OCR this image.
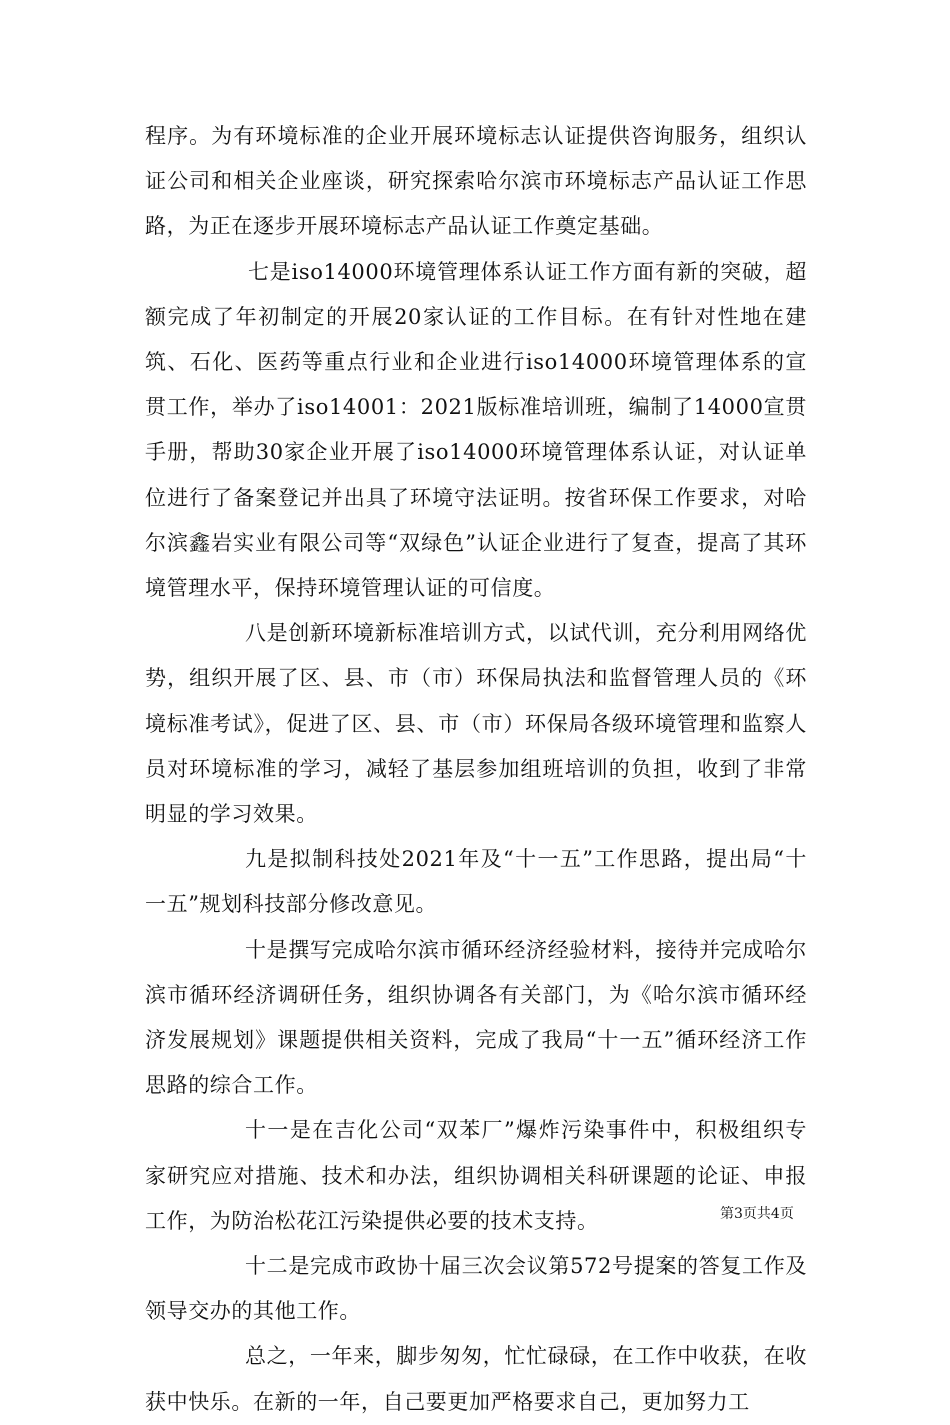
程序。为有环境标准的企业开展环境标志认证提供咨询服务，组织认证公司和相关企业座谈，研究探索哈尔滨市环境标志产品认证工作思路，为正在逐步开展环境标志产品认证工作奠定基础。

七是iso14000环境管理体系认证工作方面有新的突破，超额完成了年初制定的开展20家认证的工作目标。在有针对性地在建筑、石化、医药等重点行业和企业进行iso14000环境管理体系的宣贯工作，举办了iso14001：2021版标准培训班，编制了14000宣贯手册，帮助30家企业开展了iso14000环境管理体系认证，对认证单位进行了备案登记并出具了环境守法证明。按省环保工作要求，对哈尔滨鑫岩实业有限公司等“双绿色”认证企业进行了复查，提高了其环境管理水平，保持环境管理认证的可信度。

八是创新环境新标准培训方式，以试代训，充分利用网络优势，组织开展了区、县、市（市）环保局执法和监督管理人员的《环境标准考试》，促进了区、县、市（市）环保局各级环境管理和监察人员对环境标准的学习，减轻了基层参加组班培训的负担，收到了非常明显的学习效果。

九是拟制科技处2021年及“十一五”工作思路，提出局“十一五”规划科技部分修改意见。

十是撰写完成哈尔滨市循环经济经验材料，接待并完成哈尔滨市循环经济调研任务，组织协调各有关部门，为《哈尔滨市循环经济发展规划》课题提供相关资料，完成了我局“十一五”循环经济工作思路的综合工作。

十一是在吉化公司“双苯厂”爆炸污染事件中，积极组织专家研究应对措施、技术和办法，组织协调相关科研课题的论证、申报工作，为防治松花江污染提供必要的技术支持。

十二是完成市政协十届三次会议第572号提案的答复工作及领导交办的其他工作。

总之，一年来，脚步匆匆，忙忙碌碌，在工作中收获，在收获中快乐。在新的一年，自己要更加严格要求自己，更加努力工

第3页共4页
